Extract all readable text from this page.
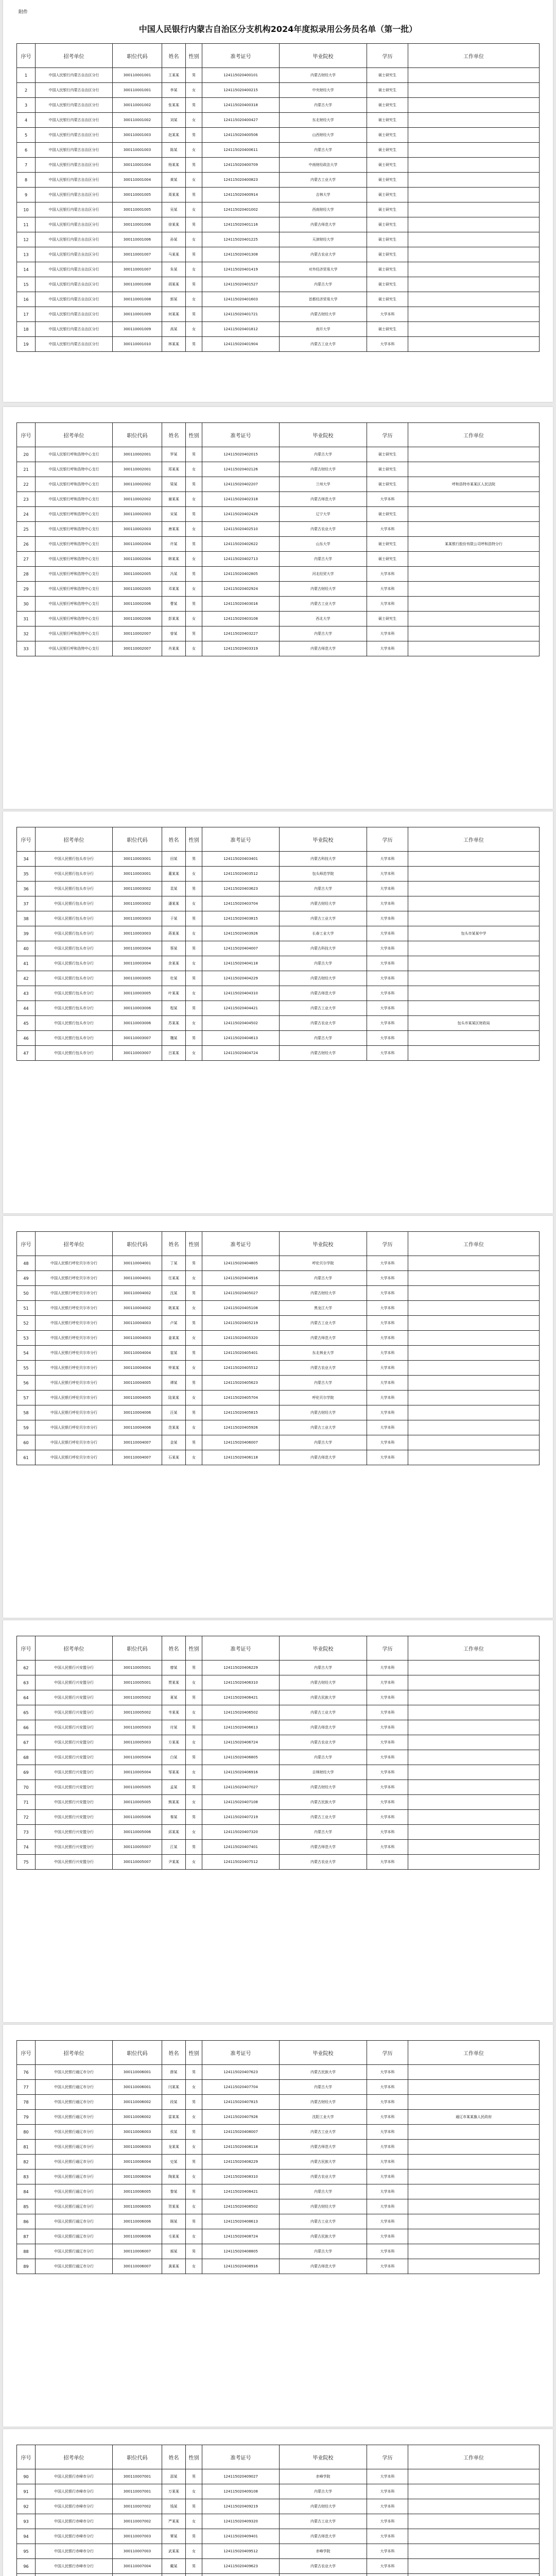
附件
中国人民银行内蒙古自治区分支机构2024年度拟录用公务员名单（第一批）
序号	招考单位	职位代码	姓名	性别	准考证号	毕业院校	学历	工作单位
1	中国人民银行内蒙古自治区分行	300110001001	王某某	男	124115020400101	内蒙古财经大学	硕士研究生	
2	中国人民银行内蒙古自治区分行	300110001001	李某	女	124115020400215	中央财经大学	硕士研究生	
3	中国人民银行内蒙古自治区分行	300110001002	张某某	男	124115020400318	内蒙古大学	硕士研究生	
4	中国人民银行内蒙古自治区分行	300110001002	刘某	女	124115020400427	东北财经大学	硕士研究生	
5	中国人民银行内蒙古自治区分行	300110001003	赵某某	男	124115020400506	山西财经大学	硕士研究生	
6	中国人民银行内蒙古自治区分行	300110001003	陈某	女	124115020400611	内蒙古大学	硕士研究生	
7	中国人民银行内蒙古自治区分行	300110001004	杨某某	男	124115020400709	中南财经政法大学	硕士研究生	
8	中国人民银行内蒙古自治区分行	300110001004	黄某	女	124115020400823	内蒙古工业大学	硕士研究生	
9	中国人民银行内蒙古自治区分行	300110001005	周某某	男	124115020400914	吉林大学	硕士研究生	
10	中国人民银行内蒙古自治区分行	300110001005	吴某	女	124115020401002	西南财经大学	硕士研究生	
11	中国人民银行内蒙古自治区分行	300110001006	徐某某	男	124115020401116	内蒙古师范大学	硕士研究生	
12	中国人民银行内蒙古自治区分行	300110001006	孙某	女	124115020401225	天津财经大学	硕士研究生	
13	中国人民银行内蒙古自治区分行	300110001007	马某某	男	124115020401308	内蒙古农业大学	硕士研究生	
14	中国人民银行内蒙古自治区分行	300110001007	朱某	女	124115020401419	对外经济贸易大学	硕士研究生	
15	中国人民银行内蒙古自治区分行	300110001008	胡某某	男	124115020401527	内蒙古大学	硕士研究生	
16	中国人民银行内蒙古自治区分行	300110001008	郭某	女	124115020401603	首都经济贸易大学	硕士研究生	
17	中国人民银行内蒙古自治区分行	300110001009	何某某	男	124115020401721	内蒙古财经大学	大学本科	
18	中国人民银行内蒙古自治区分行	300110001009	高某	女	124115020401812	南开大学	硕士研究生	
19	中国人民银行内蒙古自治区分行	300110001010	林某某	男	124115020401904	内蒙古工业大学	大学本科	
序号	招考单位	职位代码	姓名	性别	准考证号	毕业院校	学历	工作单位
20	中国人民银行呼和浩特中心支行	300110002001	罗某	男	124115020402015	内蒙古大学	硕士研究生	
21	中国人民银行呼和浩特中心支行	300110002001	郑某某	女	124115020402126	内蒙古财经大学	硕士研究生	
22	中国人民银行呼和浩特中心支行	300110002002	梁某	男	124115020402207	兰州大学	硕士研究生	呼和浩特市某某区人民法院
23	中国人民银行呼和浩特中心支行	300110002002	谢某某	女	124115020402318	内蒙古师范大学	大学本科	
24	中国人民银行呼和浩特中心支行	300110002003	宋某	男	124115020402429	辽宁大学	硕士研究生	
25	中国人民银行呼和浩特中心支行	300110002003	唐某某	女	124115020402510	内蒙古农业大学	大学本科	
26	中国人民银行呼和浩特中心支行	300110002004	许某	男	124115020402622	山东大学	硕士研究生	某某银行股份有限公司呼和浩特分行
27	中国人民银行呼和浩特中心支行	300110002004	韩某某	女	124115020402713	内蒙古大学	硕士研究生	
28	中国人民银行呼和浩特中心支行	300110002005	冯某	男	124115020402805	河北经贸大学	大学本科	
29	中国人民银行呼和浩特中心支行	300110002005	邓某某	女	124115020402924	内蒙古财经大学	大学本科	
30	中国人民银行呼和浩特中心支行	300110002006	曹某	男	124115020403016	内蒙古工业大学	大学本科	
31	中国人民银行呼和浩特中心支行	300110002006	彭某某	女	124115020403108	西北大学	硕士研究生	
32	中国人民银行呼和浩特中心支行	300110002007	曾某	男	124115020403227	内蒙古大学	大学本科	
33	中国人民银行呼和浩特中心支行	300110002007	肖某某	女	124115020403319	内蒙古师范大学	大学本科	
序号	招考单位	职位代码	姓名	性别	准考证号	毕业院校	学历	工作单位
34	中国人民银行包头市分行	300110003001	田某	男	124115020403401	内蒙古科技大学	大学本科	
35	中国人民银行包头市分行	300110003001	董某某	女	124115020403512	包头师范学院	大学本科	
36	中国人民银行包头市分行	300110003002	袁某	男	124115020403623	内蒙古大学	大学本科	
37	中国人民银行包头市分行	300110003002	潘某某	女	124115020403704	内蒙古财经大学	大学本科	
38	中国人民银行包头市分行	300110003003	于某	男	124115020403815	内蒙古工业大学	大学本科	
39	中国人民银行包头市分行	300110003003	蒋某某	女	124115020403926	长春工业大学	大学本科	包头市某某中学
40	中国人民银行包头市分行	300110003004	蔡某	男	124115020404007	内蒙古科技大学	大学本科	
41	中国人民银行包头市分行	300110003004	余某某	女	124115020404118	内蒙古大学	大学本科	
42	中国人民银行包头市分行	300110003005	杜某	男	124115020404229	内蒙古财经大学	大学本科	
43	中国人民银行包头市分行	300110003005	叶某某	女	124115020404310	内蒙古师范大学	大学本科	
44	中国人民银行包头市分行	300110003006	程某	男	124115020404421	内蒙古工业大学	大学本科	
45	中国人民银行包头市分行	300110003006	苏某某	女	124115020404502	内蒙古农业大学	大学本科	包头市某某区财政局
46	中国人民银行包头市分行	300110003007	魏某	男	124115020404613	内蒙古大学	大学本科	
47	中国人民银行包头市分行	300110003007	吕某某	女	124115020404724	内蒙古财经大学	大学本科	
序号	招考单位	职位代码	姓名	性别	准考证号	毕业院校	学历	工作单位
48	中国人民银行呼伦贝尔市分行	300110004001	丁某	男	124115020404805	呼伦贝尔学院	大学本科	
49	中国人民银行呼伦贝尔市分行	300110004001	任某某	女	124115020404916	内蒙古大学	大学本科	
50	中国人民银行呼伦贝尔市分行	300110004002	沈某	男	124115020405027	内蒙古财经大学	大学本科	
51	中国人民银行呼伦贝尔市分行	300110004002	姚某某	女	124115020405108	黑龙江大学	大学本科	
52	中国人民银行呼伦贝尔市分行	300110004003	卢某	男	124115020405219	内蒙古工业大学	大学本科	
53	中国人民银行呼伦贝尔市分行	300110004003	姜某某	女	124115020405320	内蒙古师范大学	大学本科	
54	中国人民银行呼伦贝尔市分行	300110004004	崔某	男	124115020405401	东北林业大学	大学本科	
55	中国人民银行呼伦贝尔市分行	300110004004	钟某某	女	124115020405512	内蒙古农业大学	大学本科	
56	中国人民银行呼伦贝尔市分行	300110004005	谭某	男	124115020405623	内蒙古大学	大学本科	
57	中国人民银行呼伦贝尔市分行	300110004005	陆某某	女	124115020405704	呼伦贝尔学院	大学本科	
58	中国人民银行呼伦贝尔市分行	300110004006	汪某	男	124115020405815	内蒙古财经大学	大学本科	
59	中国人民银行呼伦贝尔市分行	300110004006	范某某	女	124115020405926	内蒙古工业大学	大学本科	
60	中国人民银行呼伦贝尔市分行	300110004007	金某	男	124115020406007	内蒙古大学	大学本科	
61	中国人民银行呼伦贝尔市分行	300110004007	石某某	女	124115020406118	内蒙古师范大学	大学本科	
序号	招考单位	职位代码	姓名	性别	准考证号	毕业院校	学历	工作单位
62	中国人民银行兴安盟分行	300110005001	廖某	男	124115020406229	内蒙古大学	大学本科	
63	中国人民银行兴安盟分行	300110005001	贾某某	女	124115020406310	内蒙古财经大学	大学本科	
64	中国人民银行兴安盟分行	300110005002	夏某	男	124115020406421	内蒙古民族大学	大学本科	
65	中国人民银行兴安盟分行	300110005002	韦某某	女	124115020406502	内蒙古工业大学	大学本科	
66	中国人民银行兴安盟分行	300110005003	付某	男	124115020406613	内蒙古师范大学	大学本科	
67	中国人民银行兴安盟分行	300110005003	方某某	女	124115020406724	内蒙古农业大学	大学本科	
68	中国人民银行兴安盟分行	300110005004	白某	男	124115020406805	内蒙古大学	大学本科	
69	中国人民银行兴安盟分行	300110005004	邹某某	女	124115020406916	吉林财经大学	大学本科	
70	中国人民银行兴安盟分行	300110005005	孟某	男	124115020407027	内蒙古财经大学	大学本科	
71	中国人民银行兴安盟分行	300110005005	熊某某	女	124115020407108	内蒙古民族大学	大学本科	
72	中国人民银行兴安盟分行	300110005006	秦某	男	124115020407219	内蒙古工业大学	大学本科	
73	中国人民银行兴安盟分行	300110005006	邱某某	女	124115020407320	内蒙古大学	大学本科	
74	中国人民银行兴安盟分行	300110005007	江某	男	124115020407401	内蒙古师范大学	大学本科	
75	中国人民银行兴安盟分行	300110005007	尹某某	女	124115020407512	内蒙古农业大学	大学本科	
序号	招考单位	职位代码	姓名	性别	准考证号	毕业院校	学历	工作单位
76	中国人民银行通辽市分行	300110006001	薛某	男	124115020407623	内蒙古民族大学	大学本科	
77	中国人民银行通辽市分行	300110006001	闫某某	女	124115020407704	内蒙古大学	大学本科	
78	中国人民银行通辽市分行	300110006002	段某	男	124115020407815	内蒙古财经大学	大学本科	
79	中国人民银行通辽市分行	300110006002	雷某某	女	124115020407926	沈阳工业大学	大学本科	通辽市某某旗人民政府
80	中国人民银行通辽市分行	300110006003	侯某	男	124115020408007	内蒙古工业大学	大学本科	
81	中国人民银行通辽市分行	300110006003	龙某某	女	124115020408118	内蒙古师范大学	大学本科	
82	中国人民银行通辽市分行	300110006004	史某	男	124115020408229	内蒙古民族大学	大学本科	
83	中国人民银行通辽市分行	300110006004	陶某某	女	124115020408310	内蒙古农业大学	大学本科	
84	中国人民银行通辽市分行	300110006005	黎某	男	124115020408421	内蒙古大学	大学本科	
85	中国人民银行通辽市分行	300110006005	贺某某	女	124115020408502	内蒙古财经大学	大学本科	
86	中国人民银行通辽市分行	300110006006	顾某	男	124115020408613	内蒙古工业大学	大学本科	
87	中国人民银行通辽市分行	300110006006	毛某某	女	124115020408724	内蒙古民族大学	大学本科	
88	中国人民银行通辽市分行	300110006007	郝某	男	124115020408805	内蒙古大学	大学本科	
89	中国人民银行通辽市分行	300110006007	龚某某	女	124115020408916	内蒙古师范大学	大学本科	
序号	招考单位	职位代码	姓名	性别	准考证号	毕业院校	学历	工作单位
90	中国人民银行赤峰市分行	300110007001	邵某	男	124115020409027	赤峰学院	大学本科	
91	中国人民银行赤峰市分行	300110007001	万某某	女	124115020409108	内蒙古大学	大学本科	
92	中国人民银行赤峰市分行	300110007002	钱某	男	124115020409219	内蒙古财经大学	大学本科	
93	中国人民银行赤峰市分行	300110007002	严某某	女	124115020409320	内蒙古工业大学	大学本科	
94	中国人民银行赤峰市分行	300110007003	覃某	男	124115020409401	内蒙古师范大学	大学本科	
95	中国人民银行赤峰市分行	300110007003	武某某	女	124115020409512	赤峰学院	大学本科	
96	中国人民银行赤峰市分行	300110007004	戴某	男	124115020409623	内蒙古农业大学	大学本科	
